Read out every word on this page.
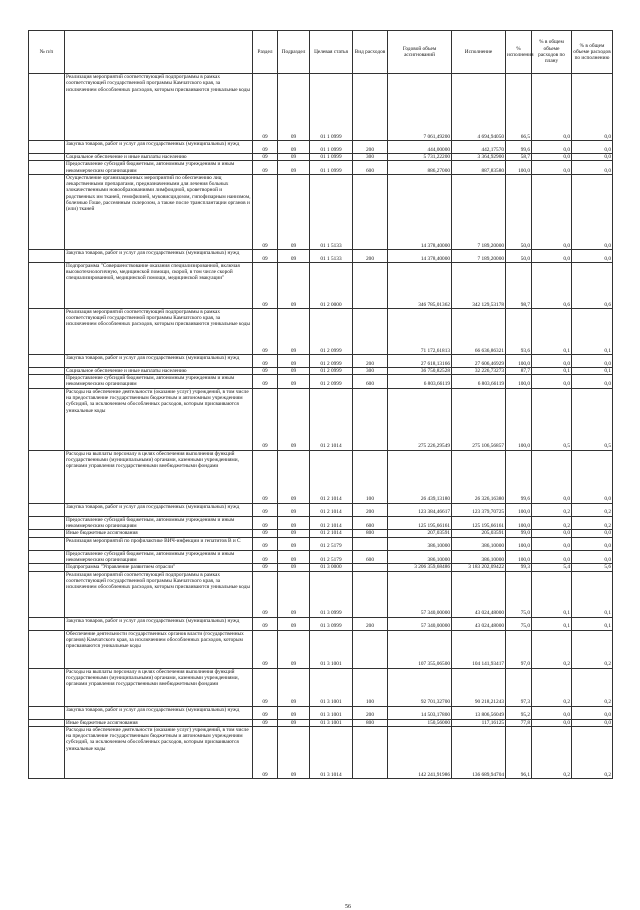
№ п/п		Раздел	Подраздел	Целевая статья	Вид расходов	Годовой объем ассигнований	Исполнение	% исполнения	% в общем объеме расходов по плану	% в общем объеме расходов по исполнению
	Реализация мероприятий соответствующей подпрограммы в рамках соответствующей государственной программы Камчатского края, за исключением обособленных расходов, которым присваиваются уникальные коды	09	09	01 1 0999		7 061,49200	4 694,94050	66,5	0,0	0,0
	Закупка товаров, работ и услуг для государственных (муниципальных) нужд	09	09	01 1 0999	200	444,00000	442,17570	99,6	0,0	0,0
	Социальное обеспечение и иные выплаты населению	09	09	01 1 0999	300	5 731,22200	3 364,92900	58,7	0,0	0,0
	Предоставление субсидий бюджетным, автономным учреждениям и иным некоммерческим организациям	09	09	01 1 0999	600	886,27000	887,83580	100,0	0,0	0,0
	Осуществление организационных мероприятий по обеспечению лиц лекарственными препаратами, предназначенными для лечения больных злокачественными новообразованиями лимфоидной, кроветворной и родственных им тканей, гемофилией, муковисцидозом, гипофизарным нанизмом, болезнью Гоше, рассеянным склерозом, а также после трансплантации органов и (или) тканей	09	09	01 1 5133		14 378,40000	7 189,20000	50,0	0,0	0,0
	Закупка товаров, работ и услуг для государственных (муниципальных) нужд	09	09	01 1 5133	200	14 378,40000	7 189,20000	50,0	0,0	0,0
	Подпрограмма "Совершенствование оказания специализированной, включая высокотехнологичную, медицинской помощи, скорой, в том числе скорой специализированной, медицинской помощи, медицинской эвакуации"	09	09	01 2 0000		346 785,01362	342 129,53178	98,7	0,6	0,6
	Реализация мероприятий соответствующей подпрограммы в рамках соответствующей государственной программы Камчатского края, за исключением обособленных расходов, которым присваиваются уникальные коды	09	09	01 2 0999		71 172,61813	66 636,86321	93,6	0,1	0,1
	Закупка товаров, работ и услуг для государственных (муниципальных) нужд	09	09	01 2 0999	200	27 618,13166	27 606,46929	100,0	0,0	0,0
	Социальное обеспечение и иные выплаты населению	09	09	01 2 0999	300	36 750,82528	32 226,73273	87,7	0,1	0,1
	Предоставление субсидий бюджетным, автономным учреждениям и иным некоммерческим организациям	09	09	01 2 0999	600	6 803,66119	6 803,66119	100,0	0,0	0,0
	Расходы на обеспечение деятельности (оказание услуг) учреждений, в том числе на предоставление государственным бюджетным и автономным учреждениям субсидий, за исключением обособленных расходов, которым присваиваются уникальные коды	09	09	01 2 1014		275 226,29549	275 106,56857	100,0	0,5	0,5
	Расходы на выплаты персоналу в целях обеспечения выполнения функций государственными (муниципальными) органами, казенными учреждениями, органами управления государственными внебюджетными фондами	09	09	01 2 1014	100	26 439,13180	26 326,16380	99,6	0,0	0,0
	Закупка товаров, работ и услуг для государственных (муниципальных) нужд	09	09	01 2 1014	200	123 384,46617	123 379,70725	100,0	0,2	0,2
	Предоставление субсидий бюджетным, автономным учреждениям и иным некоммерческим организациям	09	09	01 2 1014	600	125 195,66161	125 195,66161	100,0	0,2	0,2
	Иные бюджетные ассигнования	09	09	01 2 1014	800	207,03591	205,03591	99,0	0,0	0,0
	Реализация мероприятий по профилактике ВИЧ-инфекции и гепатитов В и С	09	09	01 2 5179		386,10000	386,10000	100,0	0,0	0,0
	Предоставление субсидий бюджетным, автономным учреждениям и иным некоммерческим организациям	09	09	01 2 5179	600	386,10000	386,10000	100,0	0,0	0,0
	Подпрограмма "Управление развитием отрасли"	09	09	01 3 0000		3 206 359,68486	3 183 202,09422	99,3	5,4	5,6
	Реализация мероприятий соответствующей подпрограммы в рамках соответствующей государственной программы Камчатского края, за исключением обособленных расходов, которым присваиваются уникальные коды	09	09	01 3 0999		57 340,00000	43 024,48000	75,0	0,1	0,1
	Закупка товаров, работ и услуг для государственных (муниципальных) нужд	09	09	01 3 0999	200	57 340,00000	43 024,48000	75,0	0,1	0,1
	Обеспечение деятельности государственных органов власти (государственных органов) Камчатского края, за исключением обособленных расходов, которым присваиваются уникальные коды	09	09	01 3 1001		107 355,06500	104 141,93417	97,0	0,2	0,2
	Расходы на выплаты персоналу в целях обеспечения выполнения функций государственными (муниципальными) органами, казенными учреждениями, органами управления государственными внебюджетными фондами	09	09	01 3 1001	100	92 701,32700	90 218,21243	97,3	0,2	0,2
	Закупка товаров, работ и услуг для государственных (муниципальных) нужд	09	09	01 3 1001	200	14 503,17800	13 806,56049	95,2	0,0	0,0
	Иные бюджетные ассигнования	09	09	01 3 1001	800	150,56000	117,16125	77,8	0,0	0,0
	Расходы на обеспечение деятельности (оказание услуг) учреждений, в том числе на предоставление государственным бюджетным и автономным учреждениям субсидий, за исключением обособленных расходов, которым присваиваются уникальные коды	09	09	01 3 1014		142 241,91986	136 689,94704	96,1	0,2	0,2
56
